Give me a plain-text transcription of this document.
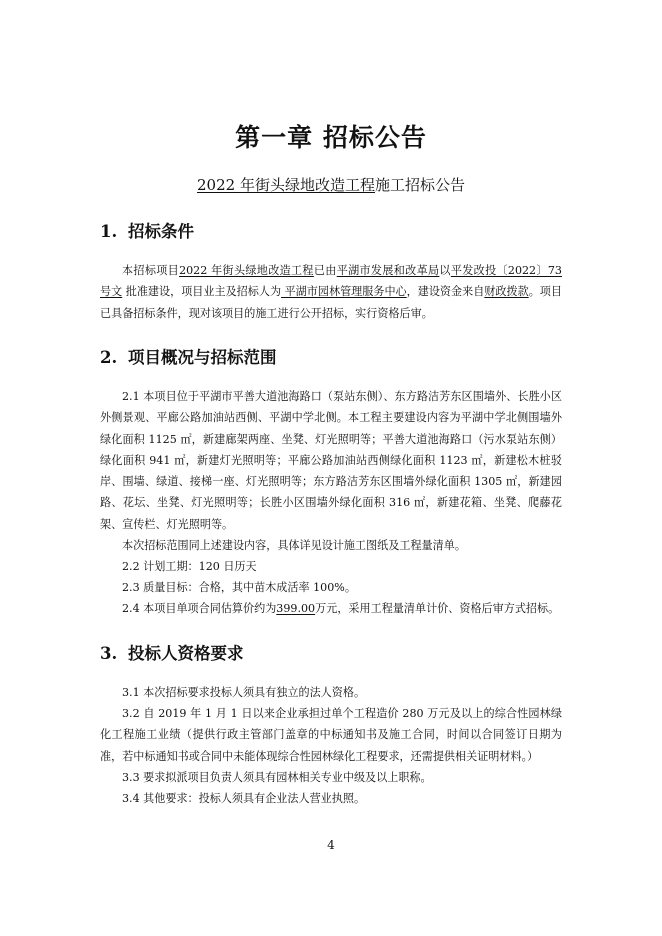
第一章 招标公告
2022 年街头绿地改造工程施工招标公告
1. 招标条件
本招标项目2022 年街头绿地改造工程已由平湖市发展和改革局以平发改投〔2022〕73 号文 批准建设，项目业主及招标人为 平湖市园林管理服务中心，建设资金来自财政拨款。项目已具备招标条件，现对该项目的施工进行公开招标，实行资格后审。
2. 项目概况与招标范围
2.1 本项目位于平湖市平善大道池海路口（泵站东侧）、东方路洁芳东区围墙外、长胜小区外侧景观、平廊公路加油站西侧、平湖中学北侧。本工程主要建设内容为平湖中学北侧围墙外绿化面积 1125 ㎡，新建廊架两座、坐凳、灯光照明等；平善大道池海路口（污水泵站东侧）绿化面积 941 ㎡，新建灯光照明等；平廊公路加油站西侧绿化面积 1123 ㎡，新建松木桩驳岸、围墙、绿道、接梯一座、灯光照明等；东方路洁芳东区围墙外绿化面积 1305 ㎡，新建园路、花坛、坐凳、灯光照明等；长胜小区围墙外绿化面积 316 ㎡，新建花箱、坐凳、爬藤花架、宣传栏、灯光照明等。
本次招标范围同上述建设内容，具体详见设计施工图纸及工程量清单。
2.2 计划工期：120 日历天
2.3 质量目标：合格，其中苗木成活率 100%。
2.4 本项目单项合同估算价约为399.00万元，采用工程量清单计价、资格后审方式招标。
3. 投标人资格要求
3.1 本次招标要求投标人须具有独立的法人资格。
3.2 自 2019 年 1 月 1 日以来企业承担过单个工程造价 280 万元及以上的综合性园林绿化工程施工业绩（提供行政主管部门盖章的中标通知书及施工合同，时间以合同签订日期为准，若中标通知书或合同中未能体现综合性园林绿化工程要求，还需提供相关证明材料。）
3.3 要求拟派项目负责人须具有园林相关专业中级及以上职称。
3.4 其他要求：投标人须具有企业法人营业执照。
4
